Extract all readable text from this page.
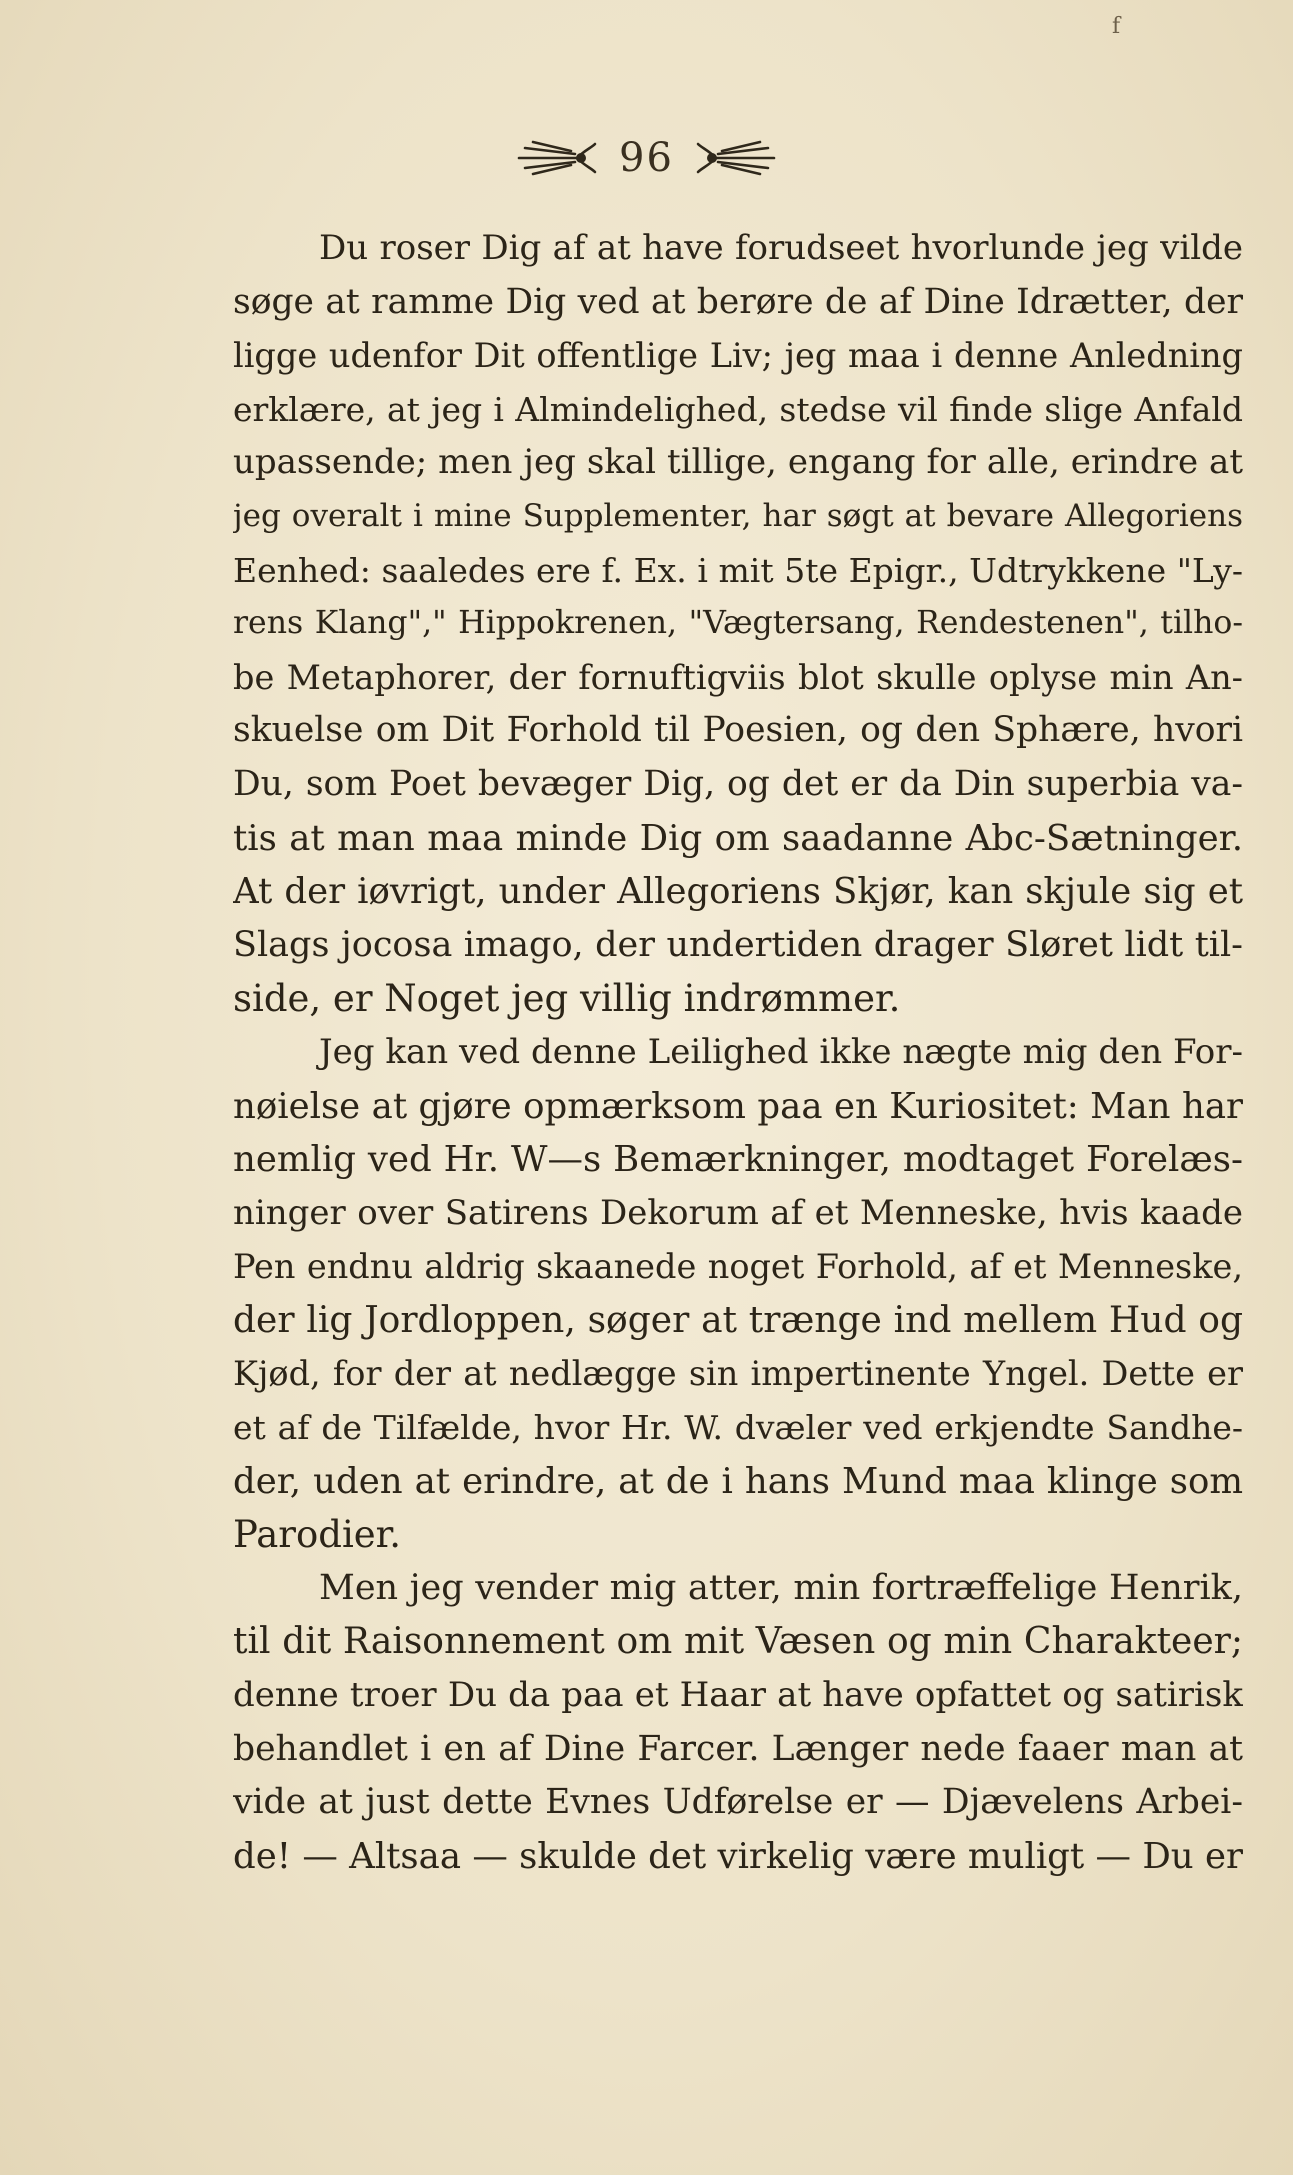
f
96

Du roser Dig af at have forudseet hvorlunde jeg vilde
søge at ramme Dig ved at berøre de af Dine Idrætter, der
ligge udenfor Dit offentlige Liv; jeg maa i denne Anledning
erklære, at jeg i Almindelighed, stedse vil finde slige Anfald
upassende; men jeg skal tillige, engang for alle, erindre at
jeg overalt i mine Supplementer, har søgt at bevare Allegoriens
Eenhed: saaledes ere f. Ex. i mit 5te Epigr., Udtrykkene "Ly-
rens Klang"," Hippokrenen, "Vægtersang, Rendestenen", tilho-
be Metaphorer, der fornuftigviis blot skulle oplyse min An-
skuelse om Dit Forhold til Poesien, og den Sphære, hvori
Du, som Poet bevæger Dig, og det er da Din superbia va-
tis at man maa minde Dig om saadanne Abc-Sætninger.
At der iøvrigt, under Allegoriens Skjør, kan skjule sig et
Slags jocosa imago, der undertiden drager Sløret lidt til-
side, er Noget jeg villig indrømmer.

Jeg kan ved denne Leilighed ikke nægte mig den For-
nøielse at gjøre opmærksom paa en Kuriositet: Man har
nemlig ved Hr. W—s Bemærkninger, modtaget Forelæs-
ninger over Satirens Dekorum af et Menneske, hvis kaade
Pen endnu aldrig skaanede noget Forhold, af et Menneske,
der lig Jordloppen, søger at trænge ind mellem Hud og
Kjød, for der at nedlægge sin impertinente Yngel. Dette er
et af de Tilfælde, hvor Hr. W. dvæler ved erkjendte Sandhe-
der, uden at erindre, at de i hans Mund maa klinge som
Parodier.

Men jeg vender mig atter, min fortræffelige Henrik,
til dit Raisonnement om mit Væsen og min Charakteer;
denne troer Du da paa et Haar at have opfattet og satirisk
behandlet i en af Dine Farcer. Længer nede faaer man at
vide at just dette Evnes Udførelse er — Djævelens Arbei-
de! — Altsaa — skulde det virkelig være muligt — Du er
